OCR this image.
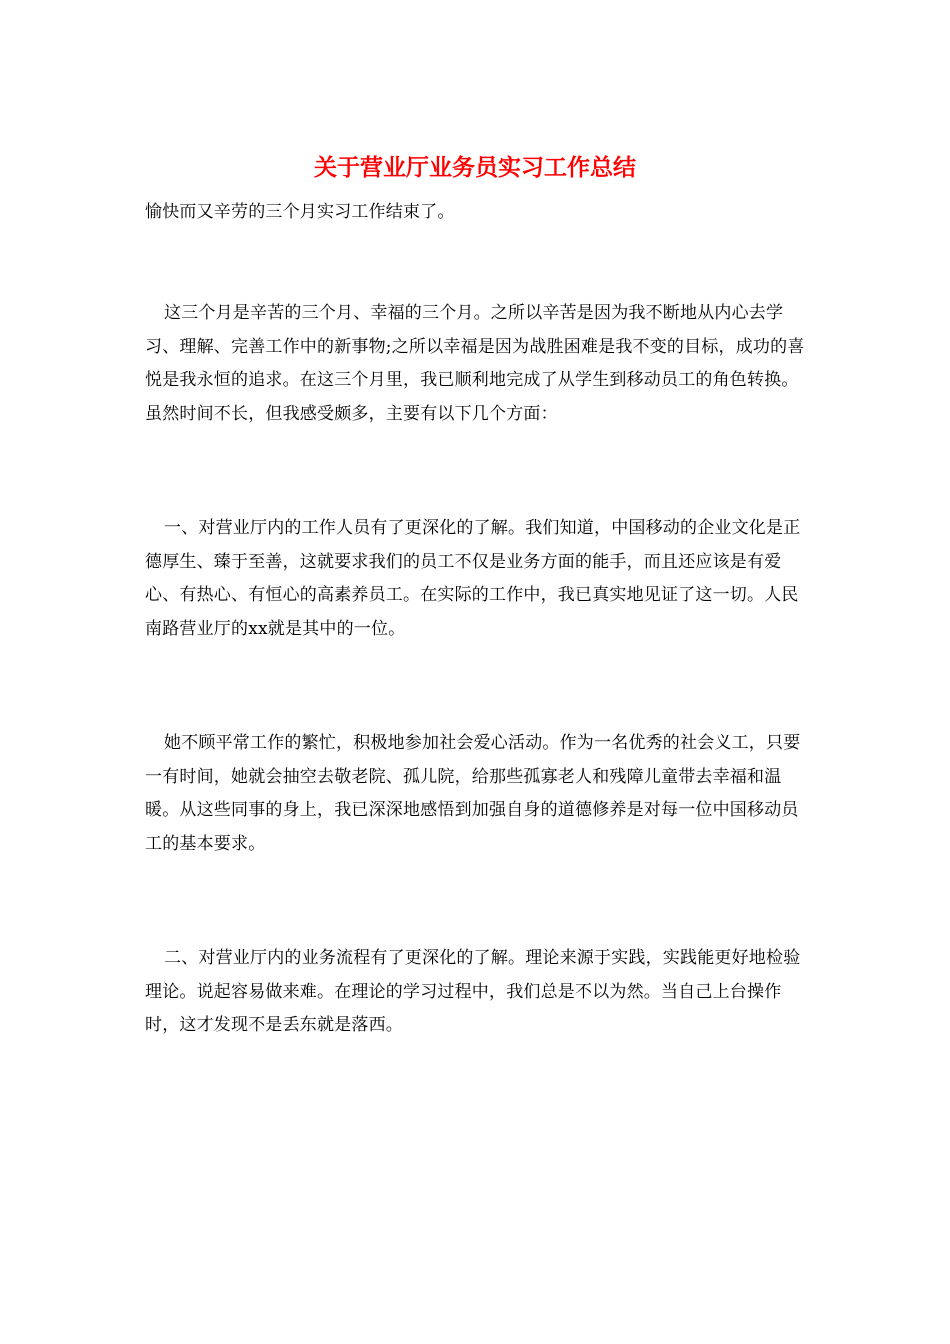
关于营业厅业务员实习工作总结

愉快而又辛劳的三个月实习工作结束了。

这三个月是辛苦的三个月、幸福的三个月。之所以辛苦是因为我不断地从内心去学习、理解、完善工作中的新事物;之所以幸福是因为战胜困难是我不变的目标，成功的喜悦是我永恒的追求。在这三个月里，我已顺利地完成了从学生到移动员工的角色转换。虽然时间不长，但我感受颇多，主要有以下几个方面：

一、对营业厅内的工作人员有了更深化的了解。我们知道，中国移动的企业文化是正德厚生、臻于至善，这就要求我们的员工不仅是业务方面的能手，而且还应该是有爱心、有热心、有恒心的高素养员工。在实际的工作中，我已真实地见证了这一切。人民南路营业厅的xx就是其中的一位。

她不顾平常工作的繁忙，积极地参加社会爱心活动。作为一名优秀的社会义工，只要一有时间，她就会抽空去敬老院、孤儿院，给那些孤寡老人和残障儿童带去幸福和温暖。从这些同事的身上，我已深深地感悟到加强自身的道德修养是对每一位中国移动员工的基本要求。

二、对营业厅内的业务流程有了更深化的了解。理论来源于实践，实践能更好地检验理论。说起容易做来难。在理论的学习过程中，我们总是不以为然。当自己上台操作时，这才发现不是丢东就是落西。
